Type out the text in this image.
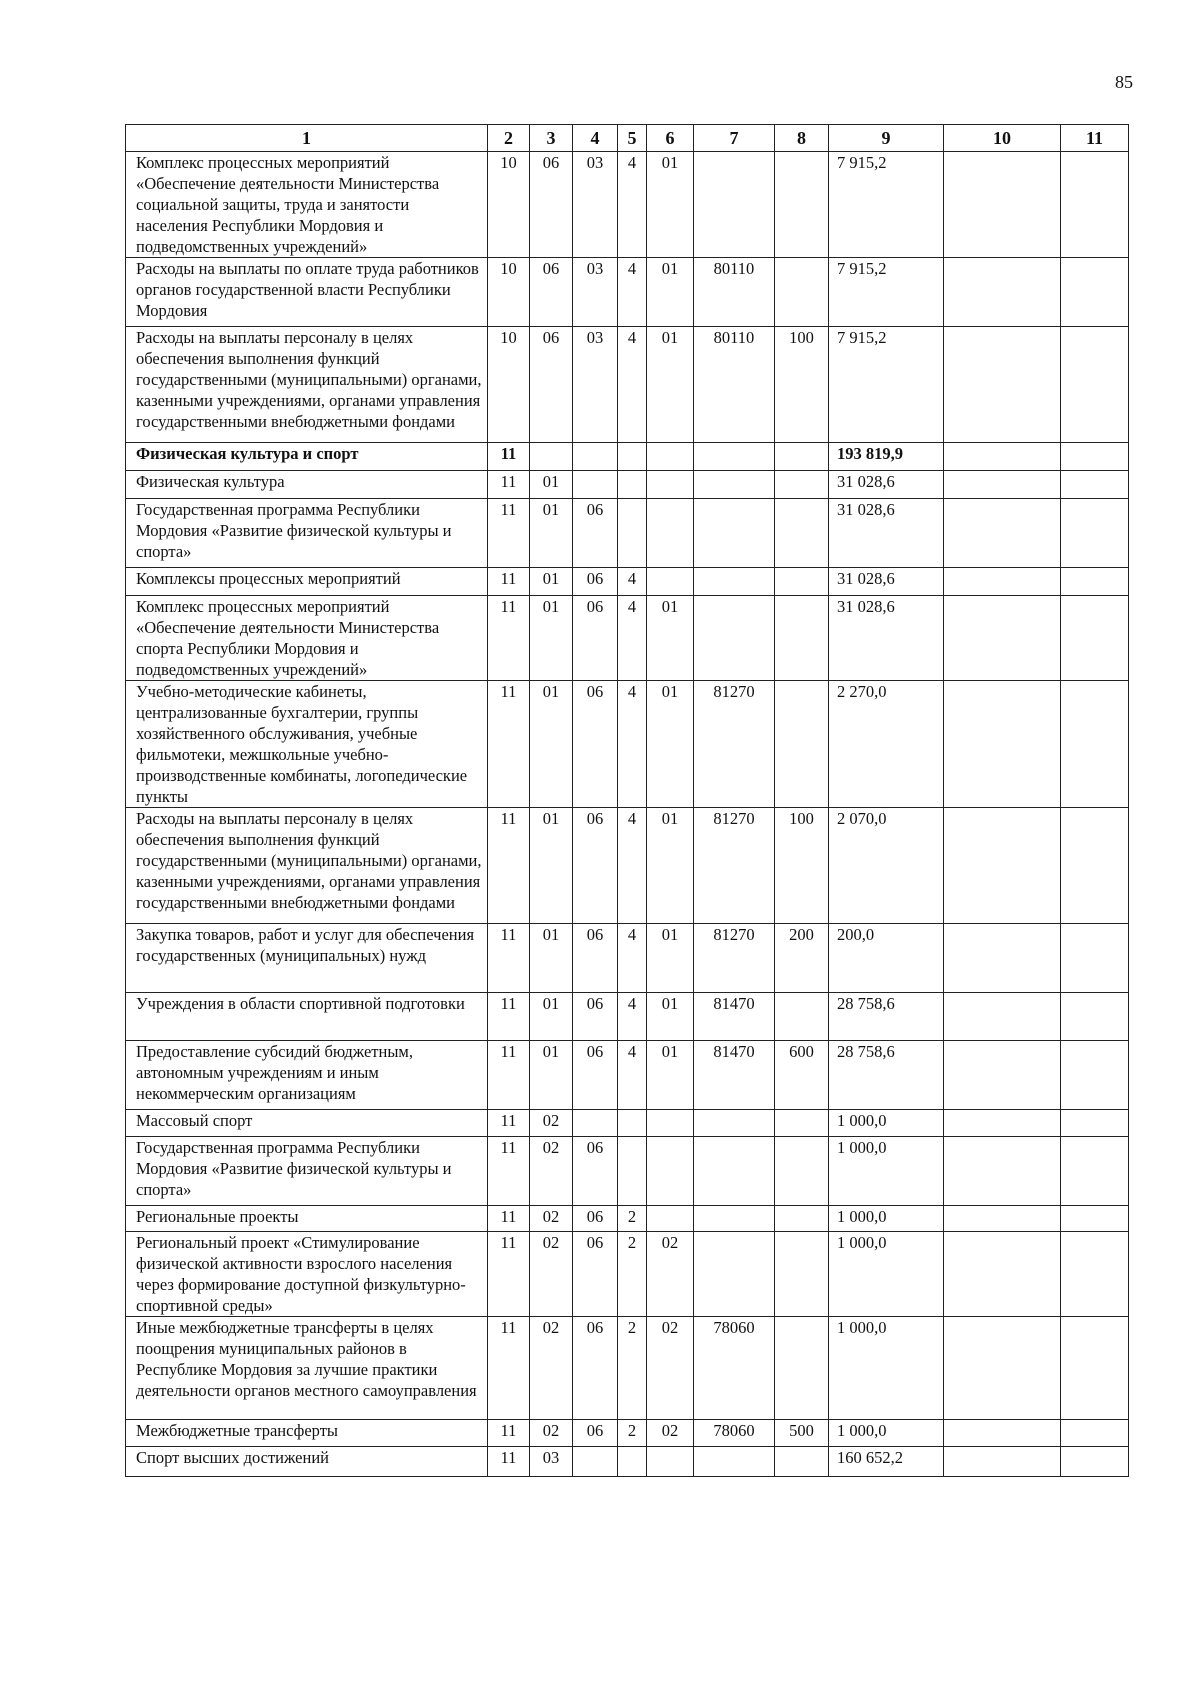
85
1	2	3	4	5	6	7	8	9	10	11
Комплекс процессных мероприятий «Обеспечение деятельности Министерства социальной защиты, труда и занятости населения Республики Мордовия и подведомственных учреждений»	10	06	03	4	01			7 915,2		
Расходы на выплаты по оплате труда работников органов государственной власти Республики Мордовия	10	06	03	4	01	80110		7 915,2		
Расходы на выплаты персоналу в целях обеспечения выполнения функций государственными (муниципальными) органами, казенными учреждениями, органами управления государственными внебюджетными фондами	10	06	03	4	01	80110	100	7 915,2		
Физическая культура и спорт	11							193 819,9		
Физическая культура	11	01						31 028,6		
Государственная программа Республики Мордовия «Развитие физической культуры и спорта»	11	01	06					31 028,6		
Комплексы процессных мероприятий	11	01	06	4				31 028,6		
Комплекс процессных мероприятий «Обеспечение деятельности Министерства спорта Республики Мордовия и подведомственных учреждений»	11	01	06	4	01			31 028,6		
Учебно-методические кабинеты, централизованные бухгалтерии, группы хозяйственного обслуживания, учебные фильмотеки, межшкольные учебно-производственные комбинаты, логопедические пункты	11	01	06	4	01	81270		2 270,0		
Расходы на выплаты персоналу в целях обеспечения выполнения функций государственными (муниципальными) органами, казенными учреждениями, органами управления государственными внебюджетными фондами	11	01	06	4	01	81270	100	2 070,0		
Закупка товаров, работ и услуг для обеспечения государственных (муниципальных) нужд	11	01	06	4	01	81270	200	200,0		
Учреждения в области спортивной подготовки	11	01	06	4	01	81470		28 758,6		
Предоставление субсидий бюджетным, автономным учреждениям и иным некоммерческим организациям	11	01	06	4	01	81470	600	28 758,6		
Массовый спорт	11	02						1 000,0		
Государственная программа Республики Мордовия «Развитие физической культуры и спорта»	11	02	06					1 000,0		
Региональные проекты	11	02	06	2				1 000,0		
Региональный проект «Стимулирование физической активности взрослого населения через формирование доступной физкультурно-спортивной среды»	11	02	06	2	02			1 000,0		
Иные межбюджетные трансферты в целях поощрения муниципальных районов в Республике Мордовия за лучшие практики деятельности органов местного самоуправления	11	02	06	2	02	78060		1 000,0		
Межбюджетные трансферты	11	02	06	2	02	78060	500	1 000,0		
Спорт высших достижений	11	03						160 652,2		
